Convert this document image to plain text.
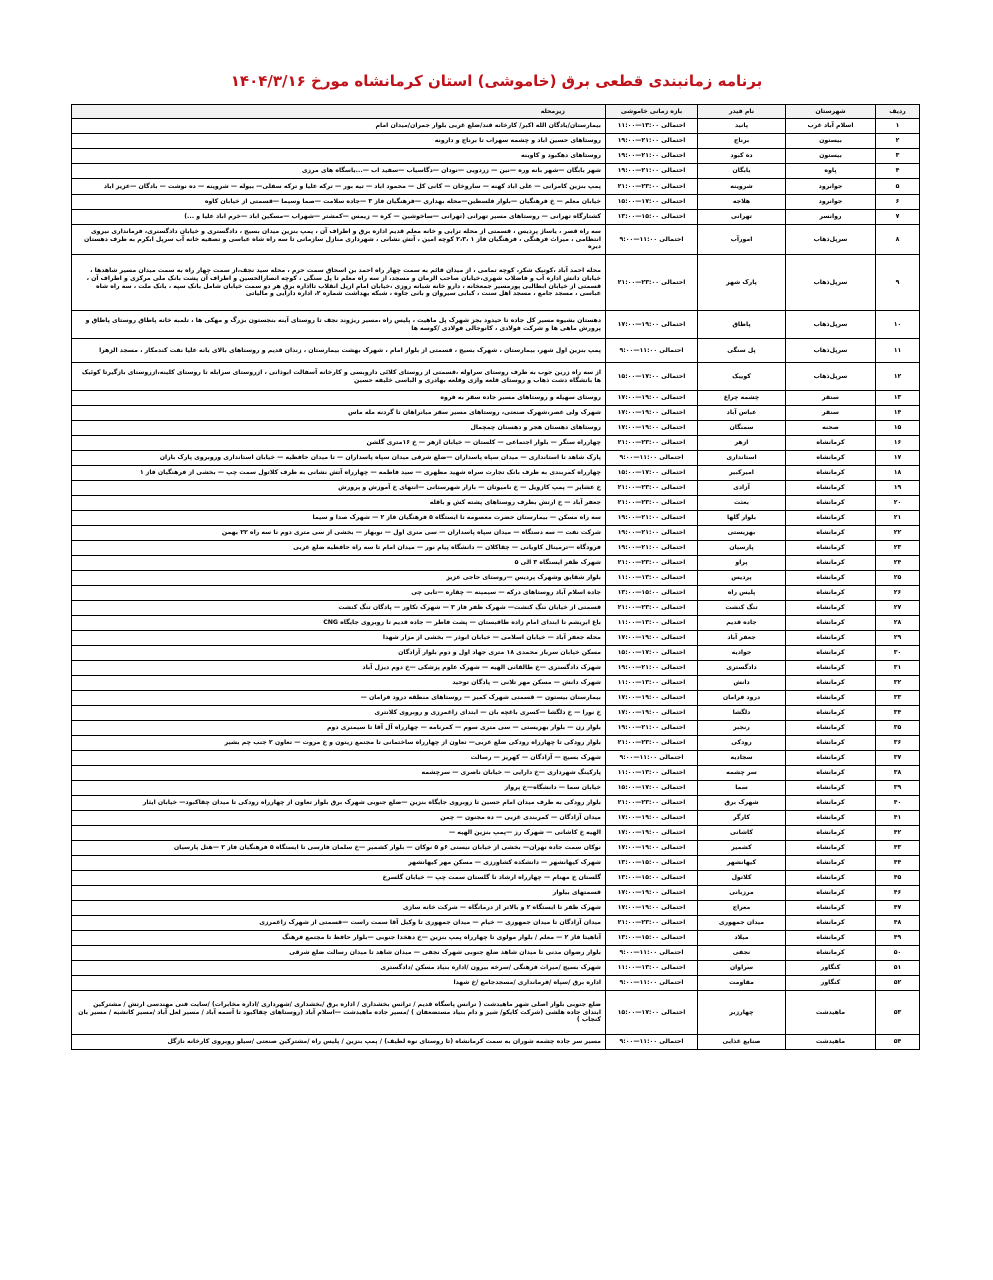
برنامه زمانبندی قطعی برق (خاموشی) استان کرمانشاه مورخ ۱۴۰۴/۳/۱۶
ردیف	شهرستان	نام فیدر	بازه زمانی خاموشی	زیرمحله
۱	اسلام آباد غرب	پانید	احتمالی ۱۳:۰۰—۱۱:۰۰	بیمارستان/یادگان الله اکبر/ کارخانه قند/ضلع غربی بلوار جمران/میدان امام
۲	بیستون	برناج	احتمالی ۲۱:۰۰—۱۹:۰۰	روستاهای حسین اباد و چشمه سهراب تا برناج و دارونه
۳	بیستون	ده کبود	احتمالی ۲۱:۰۰—۱۹:۰۰	روستاهای دهکبود و کاوینه
۴	پاوه	بابگان	احتمالی ۲۱:۰۰—۱۹:۰۰	شهر بابگان —شهر بانه وره —نین — زردویی —نودان —دگاسیاب —سفید اب —...یاسگاه های مرزی
۵	جوانرود	شروینه	احتمالی ۲۳:۰۰—۲۱:۰۰	پمپ بنزین کامرانی — علی اباد کهنه — ساروخان — کانی کل — محمود اباد — تیه بور — ترکه علیا و ترکه سفلی— بیوله — شروینه — ده نوشت — بادگان —عزیز اباد
۶	جوانرود	هلاجه	احتمالی ۱۷:۰۰—۱۵:۰۰	خیابان معلم — خ فرهنگیان —بلوار فلسطین—محله بهداری —فرهنگیان فاز ۳ —جاده سلامت —صما وسیما —قسمتی از خیابان کاوه
۷	روانسر	تهرانی	احتمالی ۱۵:۰۰—۱۳:۰۰	کشتارگاه تهرانی — روستاهای مسیر تهرانی (تهرانی —ساخوشین — کره — زیمس —کمشتر —شهراب —مسکین اباد —خرم اباد علیا و ...)
۸	سرپل‌ذهاب	امورآب	احتمالی ۱۱:۰۰—۹:۰۰	سه راه قصر ، یاساژ پردیس ، قسمتی از محله ترابی و خانه معلم قدیم اداره برق و اطراف آن ، پمپ بنزین میدان بسیج ، دادگستری و خیابان دادگستری، فرمانداری نیروی انتظامی ، میراث فرهنگی ، فرهنگیان فاز ۱ ،۲،۳ کوچه امین ، آتش نشانی ، شهرداری منازل سازمانی تا سه راه شاه عباسی و تصفیه خانه آب سرپل ابکرم به طرف دهستان دیره
۹	سرپل‌ذهاب	پارک شهر	احتمالی ۲۳:۰۰—۲۱:۰۰	محله احمد آباد ،کوتیک شکر، کوچه تمامی ، از میدان قائم به سمت چهار راه احمد بن اسحاق سمت حرم ، محله سید نجف،از سمت چهار راه به سمت میدان مسیر شاهدها ، خیابان دانش اداره آب و فاضلاب شهری،خیابان صاحب الزمان و مسجد، از سه راه معلم تا پل سنگی ، کوچه انصارالحسین و اطراف آن پشت بانک ملی مرکزی و اطراف آن ، قسمتی از خیابان ابطالبی پورمسیر جمعخانه ، دارو خانه شبانه روزی ،خیابان امام ازپل انقلاب تااداره برق هر دو سمت خیابان شامل بانک سپه ، بانک ملت ، سه راه شاه عباسی ، مسجد جامع ، مسجد اهل سنت ، کبابی سیروان و بانی جاوه ، شبکه بهداشت شماره ۲، اداره دارایی و مالیاتی
۱۰	سرپل‌ذهاب	پاطاق	احتمالی ۱۹:۰۰—۱۷:۰۰	دهستان بشیوه مسیر کل جاده تا حیدود بجز شهرک پل ماهیت ، پلیس راه ،مسیر ریژوند نجف تا روستای آینه بنجستون بزرگ و مهکی ها ، تلمبه خانه پاطاق روستای پاطاق و پرورش ماهی ها و شرکت فولادی ، کانوجالی فولادی /کوسه ها
۱۱	سرپل‌ذهاب	پل سنگی	احتمالی ۱۱:۰۰—۹:۰۰	پمپ بنزین اول شهر، بیمارستان ، شهرک بسیج ، قسمتی از بلوار امام ، شهرک بهشت بیمارستان ، زندان قدیم و روستاهای بالای بانه علیا نفت کندمکار ، مسجد الزهرا
۱۲	سرپل‌ذهاب	کوییک	احتمالی ۱۷:۰۰—۱۵:۰۰	از سه راه زرین جوب به طرف روستای سراوله ،قسمتی از روستای کلائی داروبسی و کارخانه آسفالت ابوذانی ، ازروستای سرابله تا روستای کلینه،ازروستای بازگیرتا کوئیک ها بانشگاه دشت ذهاب و روستای قلعه وازی وقلعه بهادری و الباسی خلیفه حسین
۱۳	سنقر	چشمه چراغ	احتمالی ۱۹:۰۰—۱۷:۰۰	روستای سهیله و روستاهای مسیر جاده سقر به فروه
۱۴	سنقر	عباس آباد	احتمالی ۱۹:۰۰—۱۷:۰۰	شهرک ولی عصر،شهرک صنعتی، روستاهای مسیر سقر میانراهان تا گردنه مله ماس
۱۵	صحنه	سمنگان	احتمالی ۱۹:۰۰—۱۷:۰۰	روستاهای دهستان هجر و دهستان چمچمال
۱۶	کرمانشاه	ازهر	احتمالی ۲۳:۰۰—۲۱:۰۰	چهارراه سنگر — بلوار اجتماعی — کلستان — خیابان ازهر — خ ۱۶متری گلشن
۱۷	کرمانشاه	استانداری	احتمالی ۱۱:۰۰—۹:۰۰	پارک شاهد تا استانداری — میدان سپاه پاسداران —ضلع شرقی میدان سپاه پاسداران — تا میدان حافظیه — خیابان استانداری وروبروی پارک باران
۱۸	کرمانشاه	امیرکبیر	احتمالی ۱۷:۰۰—۱۵:۰۰	چهارراه کمربندی به طرف بانک تجارت سراه شهید مطهری — سید فاطمه — چهارراه آتش نشانی به طرف کلاتول سمت چپ — بخشی از فرهنگیان فاز ۱
۱۹	کرمانشاه	آزادی	احتمالی ۲۳:۰۰—۲۱:۰۰	خ عشایر — پمپ کازویل — خ نامیوتان — بازار شهرستانی —انتهای خ آموزش و پرورش
۲۰	کرمانشاه	بعثت	احتمالی ۲۳:۰۰—۲۱:۰۰	جعفر آباد — خ ارتش بطرف روستاهای پشته کش و باقله
۲۱	کرمانشاه	بلوار گلها	احتمالی ۲۱:۰۰—۱۹:۰۰	سه راه مسکن — بیمارستان حضرت معصومه تا ایستگاه ۵ فرهنگیان فاز ۲ — شهرک صدا و سیما
۲۲	کرمانشاه	بهزیستی	احتمالی ۲۱:۰۰—۱۹:۰۰	شرکت نفت — سه دستگاه — میدان سپاه پاسداران — سی متری اول — نوبهار — بخشی از سی متری دوم تا سه راه ۲۲ بهمن
۲۳	کرمانشاه	پارسیان	احتمالی ۲۱:۰۰—۱۹:۰۰	فرودگاه —ترمینال کاویانی — چقاکلان — دانشگاه پیام نور — میدان امام تا سه راه حافظیه ضلع غربی
۲۴	کرمانشاه	پراو	احتمالی ۲۳:۰۰—۲۱:۰۰	شهرک ظفر ایستگاه ۳ الی ۵
۲۵	کرمانشاه	پردیس	احتمالی ۱۳:۰۰—۱۱:۰۰	بلوار شقایق وشهرک پردیس —روستای حاجی عزیز
۲۶	کرمانشاه	پلیس راه	احتمالی ۱۵:۰۰—۱۳:۰۰	جاده اسلام آباد روستاهای درکه — سیمینه — چقاره —تابی چی
۲۷	کرمانشاه	تنگ کنشت	احتمالی ۲۳:۰۰—۲۱:۰۰	قسمتی از خیابان تنگ کنشت— شهرک ظفر فاز ۳ — شهرک تکاور — پادگان تنگ کنشت
۲۸	کرمانشاه	جاده قدیم	احتمالی ۱۳:۰۰—۱۱:۰۰	باغ ابریشم تا ابتدای امام زاده طاقبستان — پشت فاطر — جاده قدیم تا روبروی جایگاه CNG
۲۹	کرمانشاه	جعفر آباد	احتمالی ۱۹:۰۰—۱۷:۰۰	محله جعفر آباد — خیابان اسلامی — خیابان ابوذر — بخشی از مزار شهدا
۳۰	کرمانشاه	جوادیه	احتمالی ۱۷:۰۰—۱۵:۰۰	مسکن خیابان سرباز محمدی ۱۸ متری جهاد اول و دوم بلوار آزادگان
۳۱	کرمانشاه	دادگستری	احتمالی ۲۱:۰۰—۱۹:۰۰	شهرک دادگستری —خ طالقانی الهیه — شهرک علوم پزشکی —خ دوم دیزل آباد
۳۲	کرمانشاه	دانش	احتمالی ۱۳:۰۰—۱۱:۰۰	شهرک دانش — مسکن مهر تلانی — پادگان توحید
۳۳	کرمانشاه	درود فرامان	احتمالی ۱۹:۰۰—۱۷:۰۰	بیمارستان بیستون — قسمتی شهرک کمیز — روستاهای منطقه درود فرامان —
۳۴	کرمانشاه	دلگشا	احتمالی ۱۹:۰۰—۱۷:۰۰	خ نورا — خ دلگشا —کسری باغچه بان — ابتدای زاغمرزی و روبروی کلانتری
۳۵	کرمانشاه	رنجبر	احتمالی ۲۱:۰۰—۱۹:۰۰	بلوار زن — بلوار بهزیستی — سی متری سوم — کمرنامه — چهارراه آل آقا تا سیمتری دوم
۳۶	کرمانشاه	رودکی	احتمالی ۲۳:۰۰—۲۱:۰۰	بلوار رودکی تا چهارراه رودکی ضلع غربی— تعاون از چهارراه ساختمانی تا مجتمع زیتون و خ مروت — تعاون ۲ جنب چم بشیر
۳۷	کرمانشاه	سجادیه	احتمالی ۱۱:۰۰—۹:۰۰	شهرک بسیج — آزادگان — کهریز — رسالت
۳۸	کرمانشاه	سر چشمه	احتمالی ۱۳:۰۰—۱۱:۰۰	پارکینگ شهرداری —خ دارایی — خیابان ناصری — سرچشمه
۳۹	کرمانشاه	سما	احتمالی ۱۷:۰۰—۱۵:۰۰	خیابان سما — دانشگاه—خ پرواز
۴۰	کرمانشاه	شهرک برق	احتمالی ۲۳:۰۰—۲۱:۰۰	بلوار رودکی به طرف میدان امام حسین تا روبروی جایگاه بنزین —ضلع جنوبی شهرک برق بلوار تعاون از چهارراه رودکی تا میدان چقاکبود— خیابان ایثار
۴۱	کرمانشاه	کارگر	احتمالی ۱۹:۰۰—۱۷:۰۰	میدان آزادگان — کمربندی غربی — ده مجنون — چمن
۴۲	کرمانشاه	کاشانی	احتمالی ۱۹:۰۰—۱۷:۰۰	الهیه خ کاشانی — شهرک رز —پمپ بنزین الهیه —
۴۳	کرمانشاه	کشمیر	احتمالی ۱۹:۰۰—۱۷:۰۰	نوکان سمت جاده تهران— بخشی از خیابان نیستی ۶و ۵ نوکان — بلوار کشمیر —خ سلمان فارسی تا ایستگاه ۵ فرهنگیان فاز ۲ —هتل پارسیان
۴۴	کرمانشاه	کیهانشهر	احتمالی ۱۵:۰۰—۱۳:۰۰	شهرک کیهانشهر — دانشکده کشاورزی — مسکن مهر کیهانشهر
۴۵	کرمانشاه	کلاتول	احتمالی ۱۵:۰۰—۱۳:۰۰	گلستان خ مهنام — چهارراه ارشاد تا گلستان سمت چپ — خیابان گلسرخ
۴۶	کرمانشاه	مرزبانی	احتمالی ۱۹:۰۰—۱۷:۰۰	قسمتهای بیلوار
۴۷	کرمانشاه	معراج	احتمالی ۱۹:۰۰—۱۷:۰۰	شهرک ظفر تا ایستگاه ۲ و بالاتر از درمانگاه — شرکت خانه سازی
۴۸	کرمانشاه	میدان جمهوری	احتمالی ۲۳:۰۰—۲۱:۰۰	میدان آزادگان تا میدان جمهوری — خیام — میدان جمهوری تا وکیل آقا سمت راست —قسمتی از شهرک زاغمرزی
۴۹	کرمانشاه	میلاد	احتمالی ۱۵:۰۰—۱۳:۰۰	آناهیتا فاز ۲ — معلم / بلوار مولوی تا چهارراه پمپ بنزین —خ دهخدا جنوبی —بلوار حافظ تا مجتمع فرهنگ
۵۰	کرمانشاه	نجفی	احتمالی ۱۱:۰۰—۹:۰۰	بلوار رضوان مدنی تا میدان شاهد ضلع جنوبی شهرک نجفی — میدان شاهد تا میدان رسالت ضلع شرقی
۵۱	کنگاور	سراوان	احتمالی ۱۳:۰۰—۱۱:۰۰	شهرک بسیج /میراث فرهنگی /سرخه بیرون /اداره بنیاد مسکن /دادگستری
۵۲	کنگاور	مقاومت	احتمالی ۱۱:۰۰—۹:۰۰	اداره برق /سپاه /فرمانداری /مسجدجامع /خ شهدا
۵۳	ماهیدشت	چهارزبر	احتمالی ۱۷:۰۰—۱۵:۰۰	ضلع جنوبی بلوار اصلی شهر ماهیدشت ( ترانس پاسگاه قدیم / ترانس بخشداری / اداره برق /بخشداری /شهرداری /اداره مخابرات) /سایت فنی مهندسی ارتش / مشترکین ابتدای جاده هلشی (شرکت کایکو/ شیر و دام بنیاد مستضعفان ) /مسیر جاده ماهیدشت —اسلام آباد (روستاهای چقاکبود تا آسمه آباد / مسیر لعل آباد /مسیر کانشیه / مسیر بان کنجاب )
۵۴	ماهیدشت	صنایع غذایی	احتمالی ۱۱:۰۰—۹:۰۰	مسیر سر جاده چشمه شوران به سمت کرمانشاه (تا روستای نوه لطیف) / پمپ بنزین / پلیس راه /مشترکین صنعتی /سیلو روبروی کارخانه نازگل
